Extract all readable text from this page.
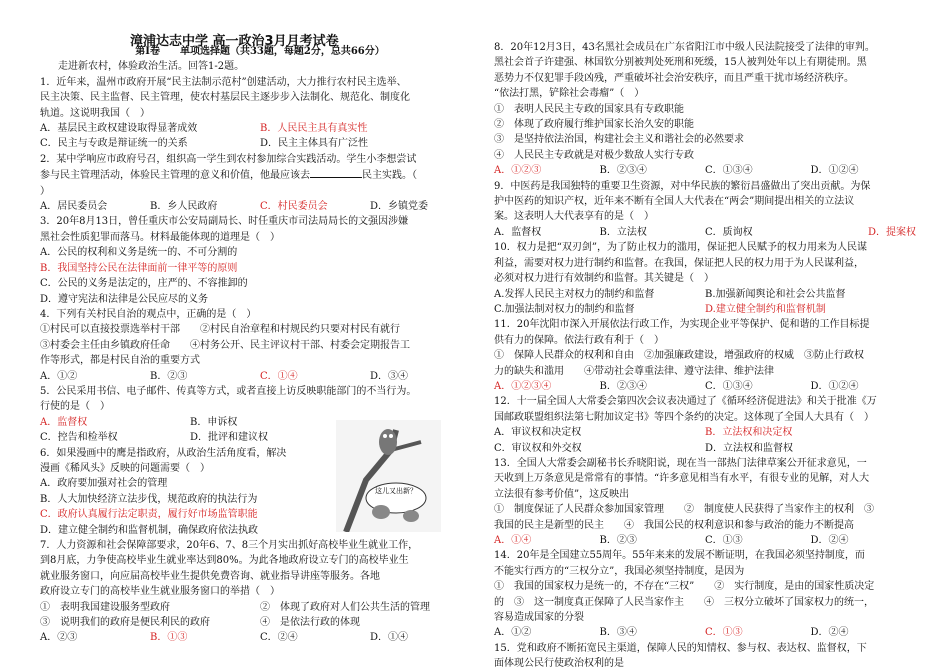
漳浦达志中学 高一政治3月月考试卷
第Ⅰ卷　　单项选择题（共33题，每题2分，总共66分）
走进新农村，体验政治生活。回答1-2题。
1．近年来，温州市政府开展“民主法制示范村”创建活动，大力推行农村民主选举、
民主决策、民主监督、民主管理，使农村基层民主逐步步入法制化、规范化、制度化
轨道。这说明我国（　）
A．基层民主政权建设取得显著成效	B．人民民主具有真实性
C．民主与专政是辩证统一的关系	D．民主主体具有广泛性
2．某中学响应市政府号召，组织高一学生到农村参加综合实践活动。学生小李想尝试
参与民主管理活动，体验民主管理的意义和价值，他最应该去	民主实践。（
）
A．居民委员会	B．乡人民政府	C．村民委员会	D．乡镇党委
3．20年8月13日，曾任重庆市公安局副局长、时任重庆市司法局局长的文强因涉嫌
黑社会性质犯罪而落马。材料最能体现的道理是（　）
A．公民的权利和义务是统一的、不可分割的
B．我国坚持公民在法律面前一律平等的原则
C．公民的义务是法定的，庄严的、不容推卸的
D．遵守宪法和法律是公民应尽的义务
4．下列有关村民自治的观点中，正确的是（　）
①村民可以直接投票选举村干部　　②村民自治章程和村规民约只要对村民有就行
③村委会主任由乡镇政府任命　　④村务公开、民主评议村干部、村委会定期报告工
作等形式，都是村民自治的重要方式
A．①②	B．②③	C．①④	D．③④
5．公民采用书信、电子邮件、传真等方式，或者直接上访反映职能部门的不当行为。
行使的是（　）
A．监督权	B．申诉权
C．控告和检举权	D．批评和建议权
6．如果漫画中的鹰是指政府，从政治生活角度看，解决
漫画《稀风头》反映的问题需要（　）
A．政府要加强对社会的管理
B．人大加快经济立法步伐，规范政府的执法行为
C．政府认真履行法定职责，履行好市场监管职能
D．建立健全制约和监督机制，确保政府依法执政
7．人力资源和社会保障部要求，20年6、7、8三个月实出抓好高校毕业生就业工作，
到8月底，力争使高校毕业生就业率达到80%。为此各地政府设立专门的高校毕业生
就业服务窗口，向应届高校毕业生提供免费咨询、就业指导讲座等服务。各地
政府设立专门的高校毕业生就业服务窗口的举措（　）
①　表明我国建设服务型政府	②　体现了政府对人们公共生活的管理
③　说明我们的政府是便民利民的政府	④　是依法行政的体现
A．②③	B．①③	C．②④	D．①④
这儿又出新？
8．20年12月3日，43名黑社会成员在广东省阳江市中级人民法院接受了法律的审判。
黑社会首子许建强、林国钦分别被判处死刑和死缓，15人被判处年以上有期徒刑。黑
恶势力不仅犯罪手段凶残，严重破坏社会治安秩序，而且严重干扰市场经济秩序。
“依法打黑，铲除社会毒瘤”（　）
①　表明人民民主专政的国家具有专政职能
②　体现了政府履行维护国家长治久安的职能
③　是坚持依法治国，构建社会主义和谐社会的必然要求
④　人民民主专政就是对极少数敌人实行专政
A．①②③	B．②③④	C．①③④	D．①②④
9．中医药是我国独特的重要卫生资源，对中华民族的繁衍昌盛做出了突出贡献。为保
护中医药的知识产权，近年来不断有全国人大代表在“两会”期间提出相关的立法议
案。这表明人大代表享有的是（　）
A．监督权	B．立法权	C．质询权	D．提案权
10．权力是把“双刃剑”，为了防止权力的滥用，保证把人民赋予的权力用来为人民谋
利益，需要对权力进行制约和监督。在我国，保证把人民的权力用于为人民谋利益，
必须对权力进行有效制约和监督。其关键是（　）
A.发挥人民民主对权力的制约和监督	B.加强新闻舆论和社会公共监督
C.加强法制对权力的制约和监督	D.建立健全制约和监督机制
11．20年沈阳市深入开展依法行政工作，为实现企业平等保护、促和谐的工作目标提
供有力的保障。依法行政有利于（　）
①　保障人民群众的权利和自由　②加强廉政建设，增强政府的权威　③防止行政权
力的缺失和滥用　　④带动社会尊重法律、遵守法律、维护法律
A．①②③④	B．②③④	C．①③④	D．①②④
12．十一届全国人大常委会第四次会议表决通过了《循环经济促进法》和关于批准《万
国邮政联盟组织法第七附加议定书》等四个条约的决定。这体现了全国人大具有（　）
A．审议权和决定权	B．立法权和决定权
C．审议权和外交权	D．立法权和监督权
13．全国人大常委会副秘书长乔晓阳说，现在当一部热门法律草案公开征求意见，一
天收到上万条意见是常常有的事情。“许多意见相当有水平，有很专业的见解，对人大
立法很有参考价值”，这反映出
①　制度保证了人民群众参加国家管理　　②　制度使人民获得了当家作主的权利　③
我国的民主是新型的民主　　④　我国公民的权利意识和参与政治的能力不断提高
A．①④	B．②③	C．①③	D．②④
14．20年是全国建立55周年。55年来来的发展不断证明，在我国必须坚持制度，而
不能实行西方的“三权分立”，我国必须坚持制度，是因为
①　我国的国家权力是统一的，不存在“三权”　　②　实行制度，是由的国家性质决定
的　③　这一制度真正保障了人民当家作主　　④　三权分立破坏了国家权力的统一，
容易造成国家的分裂
A．①②	B．③④	C．①③	D．②④
15．党和政府不断拓宽民主渠道，保障人民的知情权、参与权、表达权、监督权，下
面体现公民行使政治权利的是
